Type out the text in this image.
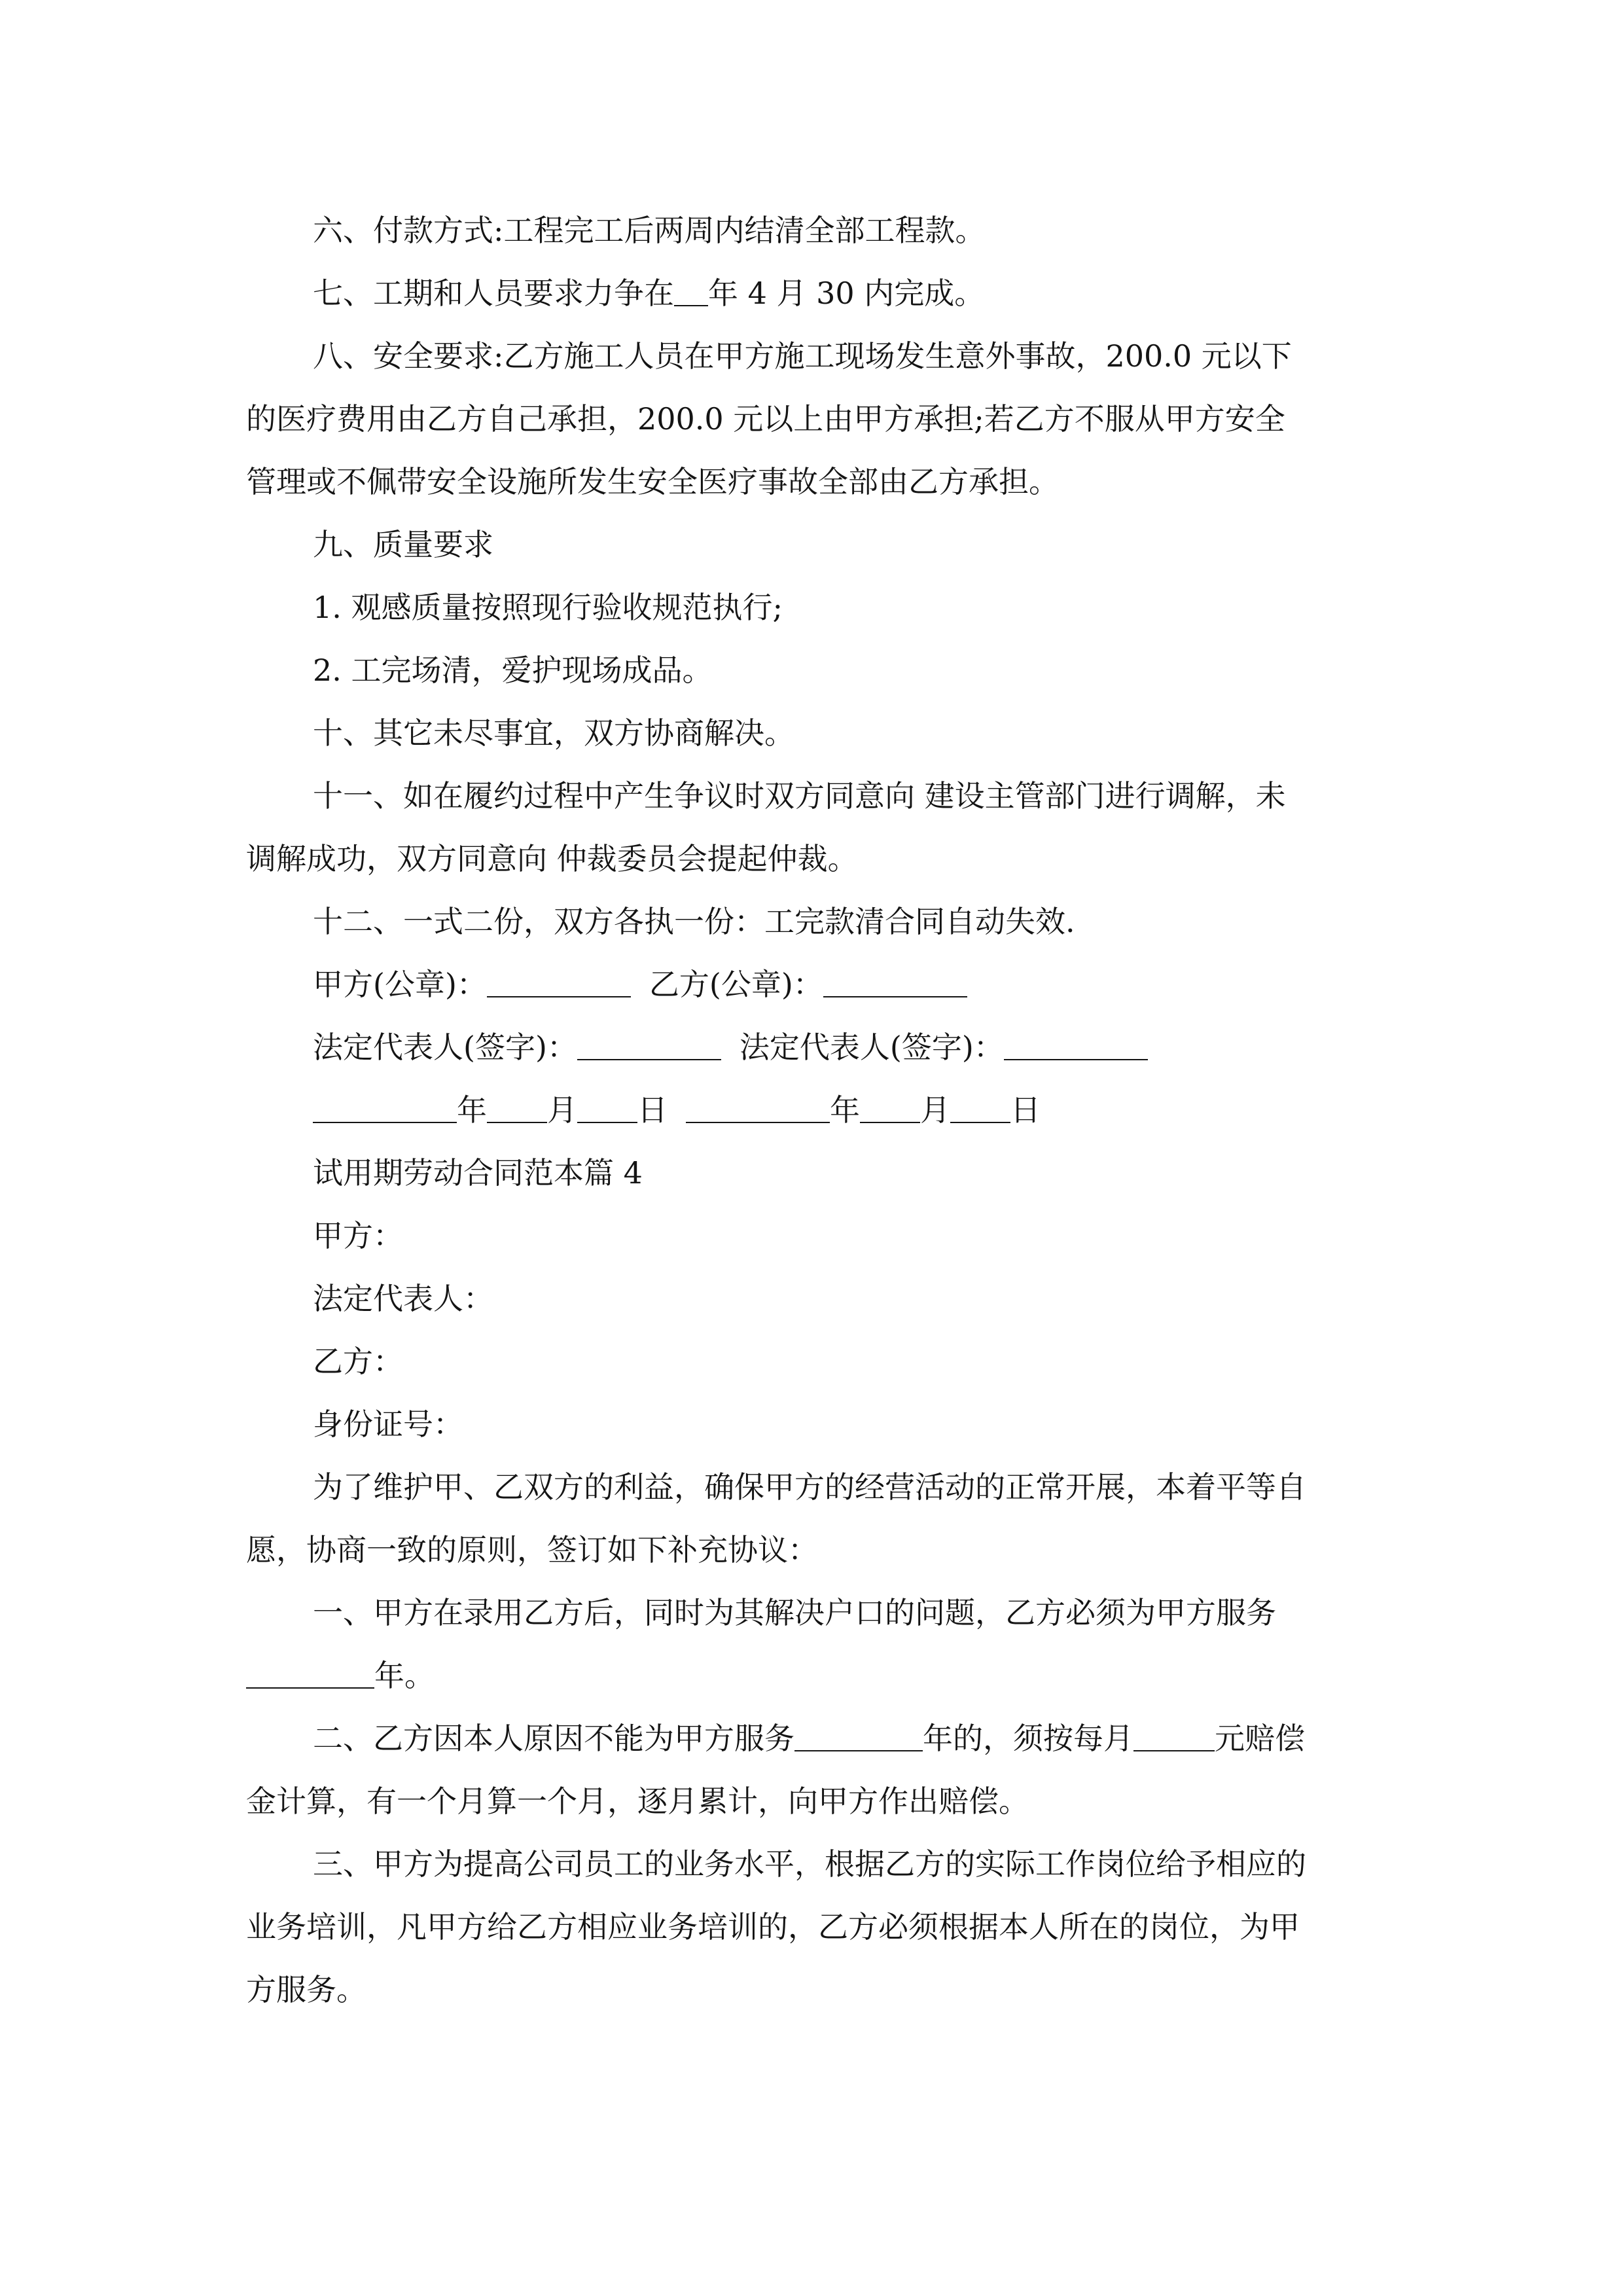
六、付款方式:工程完工后两周内结清全部工程款。
七、工期和人员要求力争在 年 4 月 30 内完成。
八、安全要求:乙方施工人员在甲方施工现场发生意外事故，200.0 元以下
的医疗费用由乙方自己承担，200.0 元以上由甲方承担;若乙方不服从甲方安全
管理或不佩带安全设施所发生安全医疗事故全部由乙方承担。
九、质量要求
1. 观感质量按照现行验收规范执行;
2. 工完场清，爱护现场成品。
十、其它未尽事宜，双方协商解决。
十一、如在履约过程中产生争议时双方同意向 建设主管部门进行调解，未
调解成功，双方同意向 仲裁委员会提起仲裁。
十二、一式二份，双方各执一份：工完款清合同自动失效.
甲方(公章)：	乙方(公章)：
法定代表人(签字)：	法定代表人(签字)：
年 月 日	年 月 日
试用期劳动合同范本篇 4
甲方：
法定代表人：
乙方：
身份证号：
为了维护甲、乙双方的利益，确保甲方的经营活动的正常开展，本着平等自
愿，协商一致的原则，签订如下补充协议：
一、甲方在录用乙方后，同时为其解决户口的问题，乙方必须为甲方服务
年。
二、乙方因本人原因不能为甲方服务	年的，须按每月	元赔偿
金计算，有一个月算一个月，逐月累计，向甲方作出赔偿。
三、甲方为提高公司员工的业务水平，根据乙方的实际工作岗位给予相应的
业务培训，凡甲方给乙方相应业务培训的，乙方必须根据本人所在的岗位，为甲
方服务。
